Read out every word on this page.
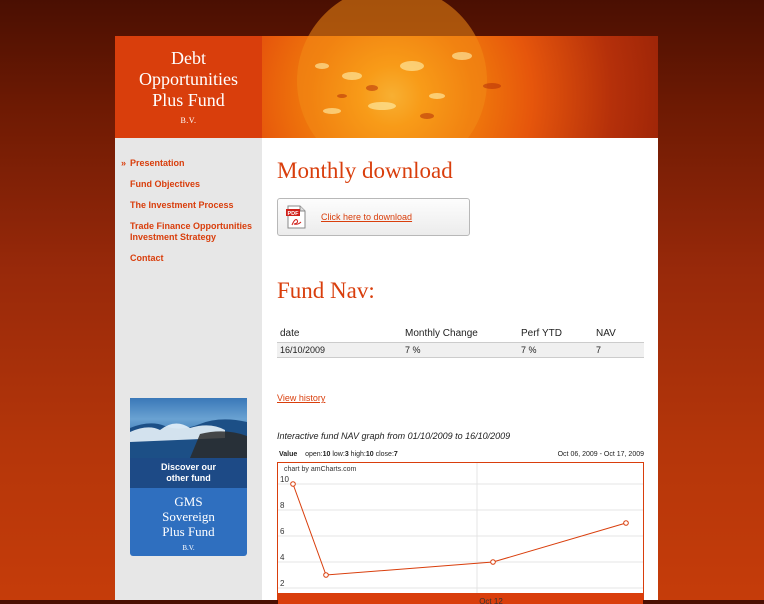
Debt
Opportunities
Plus Fund
B.V.
» Presentation
Fund Objectives
The Investment Process
Trade Finance Opportunities Investment Strategy
Contact
Discover our
other fund
GMS
Sovereign
Plus Fund
B.V.
Monthly download
PDF	Click here to download
Fund Nav:
date	Monthly Change	Perf YTD	NAV
16/10/2009	7 %	7 %	7
View history
Interactive fund NAV graph from 01/10/2009 to 16/10/2009
Value open:10 low:3 high:10 close:7	Oct 06, 2009 - Oct 17, 2009
chart by amCharts.com
2
4
6
8
10
Oct 12
